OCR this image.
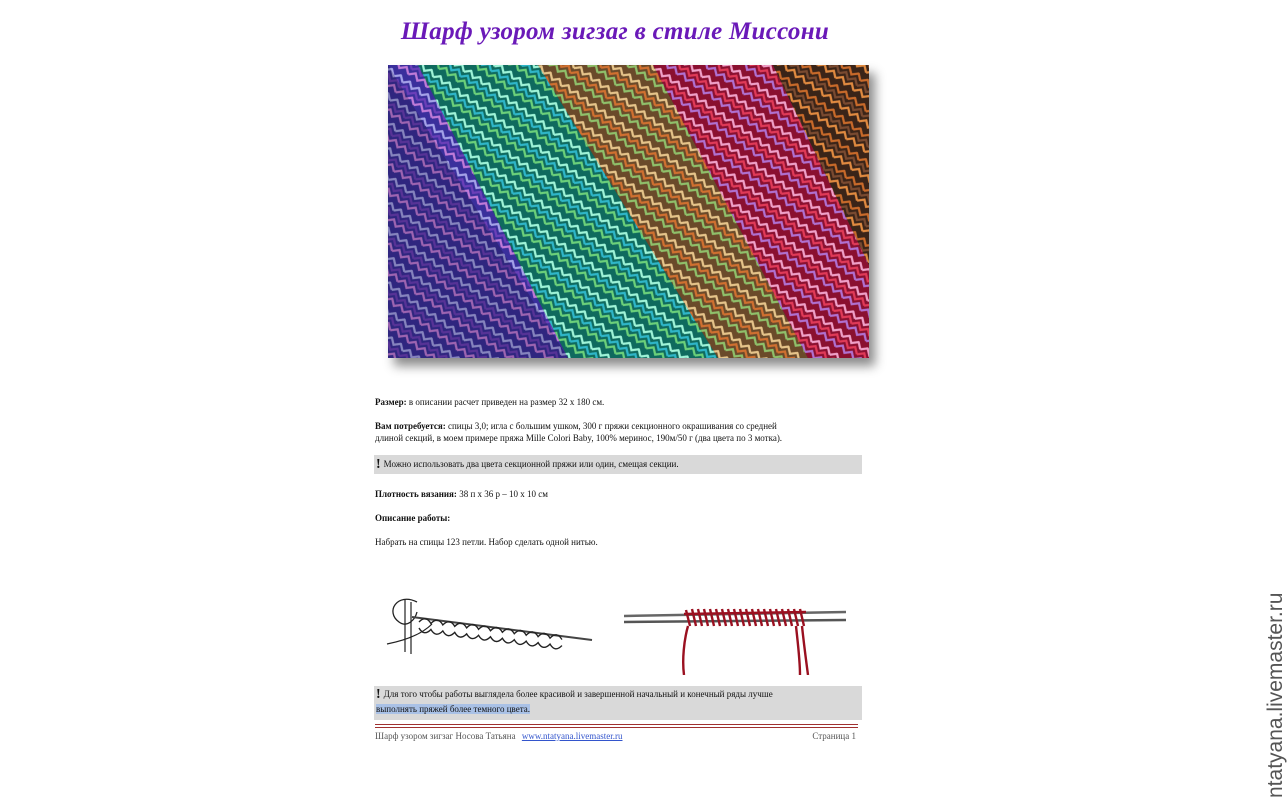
Шарф узором зигзаг в стиле Миссони
Размер: в описании расчет приведен на размер 32 х 180 см.
Вам потребуется: спицы 3,0; игла с большим ушком, 300 г пряжи секционного окрашивания со средней
длиной секций, в моем примере пряжа Mille Colori Baby, 100% меринос, 190м/50 г (два цвета по 3 мотка).
! Можно использовать два цвета секционной пряжи или один, смещая секции.
Плотность вязания: 38 п х 36 р – 10 х 10 см
Описание работы:
Набрать на спицы 123 петли. Набор сделать одной нитью.
! Для того чтобы работы выглядела более красивой и завершенной начальный и конечный ряды лучше
выполнять пряжей более темного цвета.
Шарф узором зигзаг Носова Татьяна www.ntatyana.livemaster.ru	Страница 1	ntatyana.livemaster.ru
